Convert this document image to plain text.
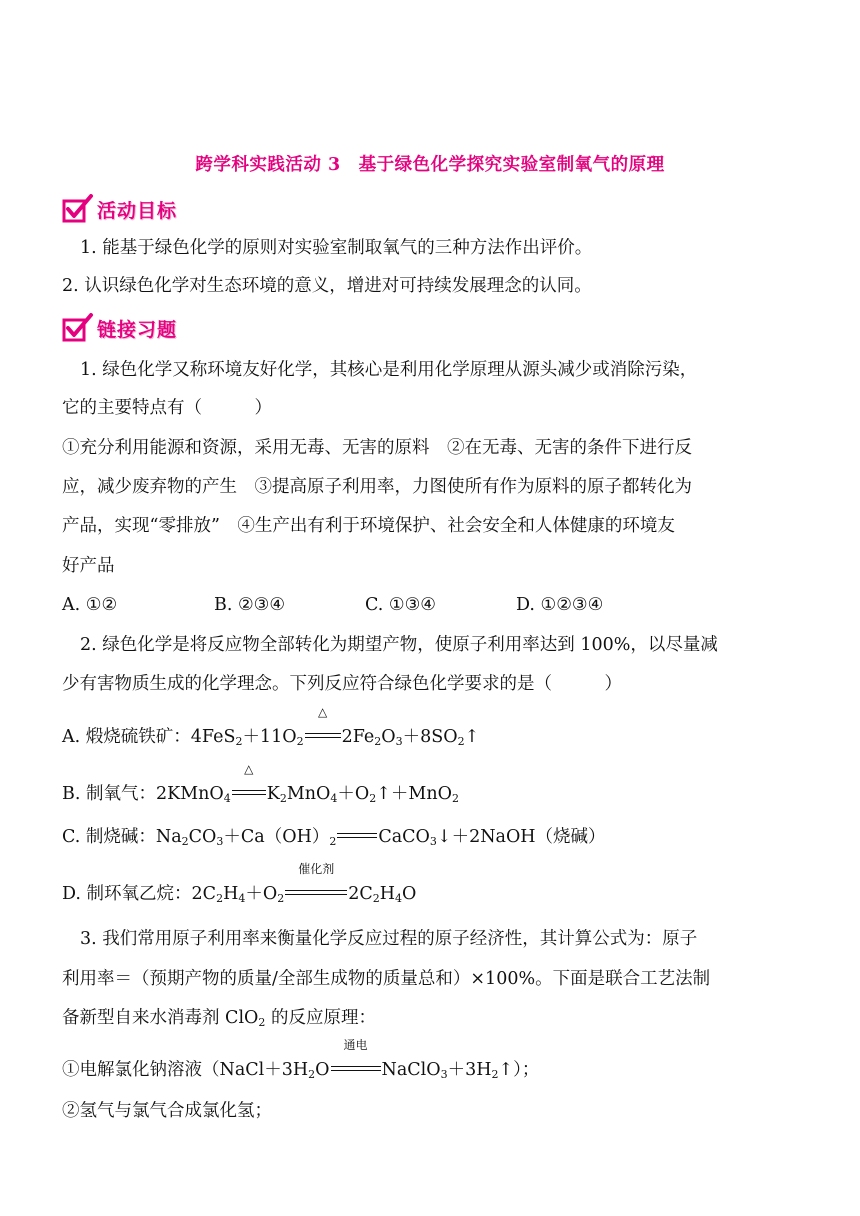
跨学科实践活动 3　基于绿色化学探究实验室制氧气的原理
活动目标
1. 能基于绿色化学的原则对实验室制取氧气的三种方法作出评价。
2. 认识绿色化学对生态环境的意义，增进对可持续发展理念的认同。
链接习题
1. 绿色化学又称环境友好化学，其核心是利用化学原理从源头减少或消除污染，
它的主要特点有（　　　）
①充分利用能源和资源，采用无毒、无害的原料　②在无毒、无害的条件下进行反
应，减少废弃物的产生　③提高原子利用率，力图使所有作为原料的原子都转化为
产品，实现“零排放”　④生产出有利于环境保护、社会安全和人体健康的环境友
好产品
A. ①②	B. ②③④	C. ①③④	D. ①②③④
2. 绿色化学是将反应物全部转化为期望产物，使原子利用率达到 100%，以尽量减
少有害物质生成的化学理念。下列反应符合绿色化学要求的是（　　　）
A. 煅烧硫铁矿：$4FeS_2+11O_2$
△
$2Fe_2O_3+8SO_2↑$
B. 制氧气：2KMnO$_4$
△
$K_2MnO_4+O_2↑+MnO_2$
C. 制烧碱：$Na_2CO_3+Ca(OH)_2$ CaCO$_3$↓＋2NaOH（烧碱）
D. 制环氧乙烷：$2C_2H_4+O_2$
催化剂
$2C_2H_4O$
3. 我们常用原子利用率来衡量化学反应过程的原子经济性，其计算公式为：原子
利用率＝（预期产物的质量/全部生成物的质量总和）×100%。下面是联合工艺法制
备新型自来水消毒剂 ClO$_2$ 的反应原理：
①电解氯化钠溶液（$NaCl+3H_2O$
通电
$NaClO_3+3H_2↑$）；
②氢气与氯气合成氯化氢；
